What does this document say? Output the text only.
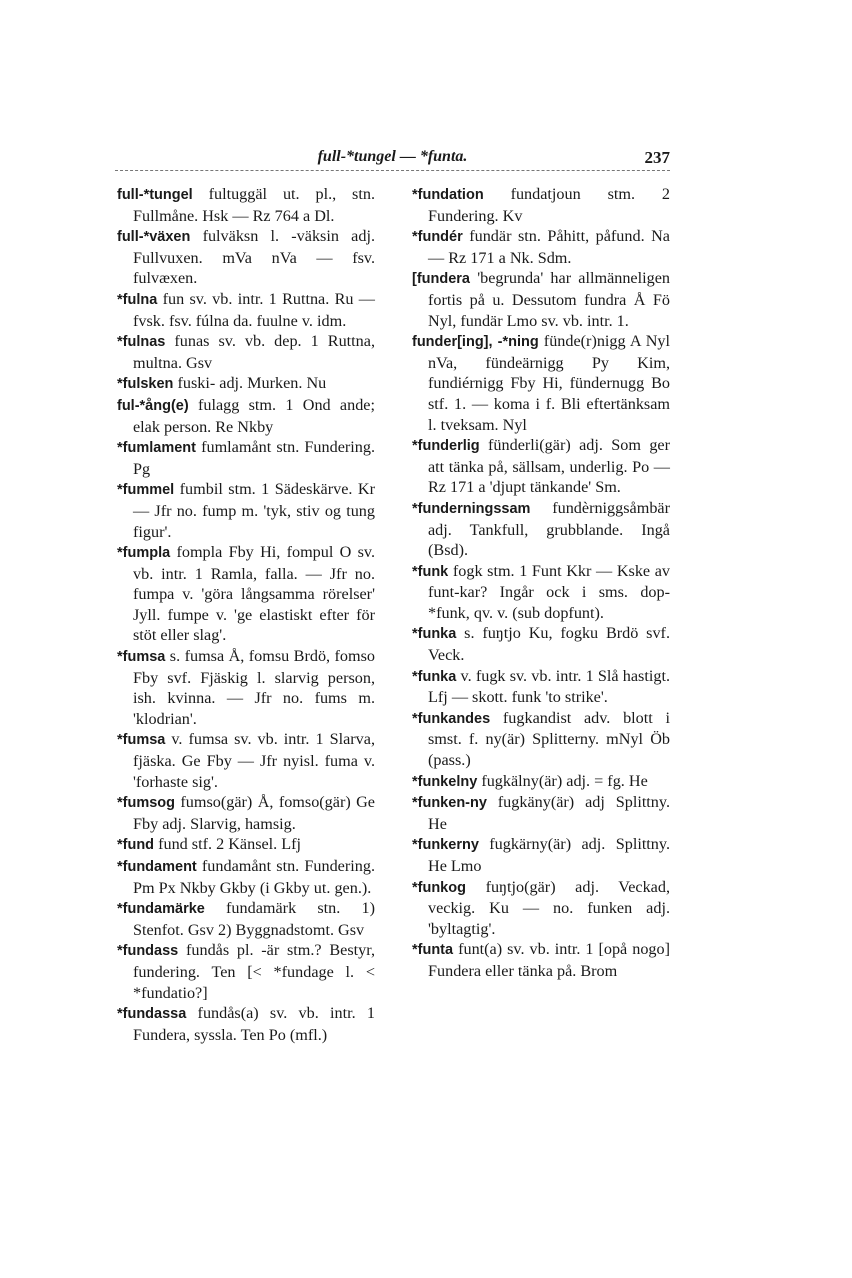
full-*tungel — *funta.	237

full-*tungel fultuggäl ut. pl., stn. Fullmåne. Hsk — Rz 764 a Dl.

full-*växen fulväksn l. -väksin adj. Fullvuxen. mVa nVa — fsv. fulvæxen.

*fulna fun sv. vb. intr. 1 Ruttna. Ru — fvsk. fsv. fúlna da. fuulne v. idm.

*fulnas funas sv. vb. dep. 1 Ruttna, multna. Gsv

*fulsken fuski- adj. Murken. Nu

ful-*ång(e) fulagg stm. 1 Ond ande; elak person. Re Nkby

*fumlament fumlamånt stn. Fundering. Pg

*fummel fumbil stm. 1 Sädeskärve. Kr — Jfr no. fump m. 'tyk, stiv og tung figur'.

*fumpla fompla Fby Hi, fompul O sv. vb. intr. 1 Ramla, falla. — Jfr no. fumpa v. 'göra långsamma rörelser' Jyll. fumpe v. 'ge elastiskt efter för stöt eller slag'.

*fumsa s. fumsa Å, fomsu Brdö, fomso Fby svf. Fjäskig l. slarvig person, ish. kvinna. — Jfr no. fums m. 'klodrian'.

*fumsa v. fumsa sv. vb. intr. 1 Slarva, fjäska. Ge Fby — Jfr nyisl. fuma v. 'forhaste sig'.

*fumsog fumso(gär) Å, fomso(gär) Ge Fby adj. Slarvig, hamsig.

*fund fund stf. 2 Känsel. Lfj

*fundament fundamånt stn. Fundering. Pm Px Nkby Gkby (i Gkby ut. gen.).

*fundamärke fundamärk stn. 1) Stenfot. Gsv 2) Byggnadstomt. Gsv

*fundass fundås pl. -är stm.? Bestyr, fundering. Ten [< *fundage l. < *fundatio?]

*fundassa fundås(a) sv. vb. intr. 1 Fundera, syssla. Ten Po (mfl.)

*fundation fundatjoun stm. 2 Fundering. Kv

*fundér fundär stn. Påhitt, påfund. Na — Rz 171 a Nk. Sdm.

[fundera 'begrunda' har allmänneligen fortis på u. Dessutom fundra Å Fö Nyl, fundär Lmo sv. vb. intr. 1.

funder[ing], -*ning fünde(r)nigg A Nyl nVa, fündeärnigg Py Kim, fundiérnigg Fby Hi, fündernugg Bo stf. 1. — koma i f. Bli eftertänksam l. tveksam. Nyl

*funderlig fünderli(gär) adj. Som ger att tänka på, sällsam, underlig. Po — Rz 171 a 'djupt tänkande' Sm.

*funderningssam fundèrniggsåmbär adj. Tankfull, grubblande. Ingå (Bsd).

*funk fogk stm. 1 Funt Kkr — Kske av funt-kar? Ingår ock i sms. dop-*funk, qv. v. (sub dopfunt).

*funka s. fuŋtjo Ku, fogku Brdö svf. Veck.

*funka v. fugk sv. vb. intr. 1 Slå hastigt. Lfj — skott. funk 'to strike'.

*funkandes fugkandist adv. blott i smst. f. ny(är) Splitterny. mNyl Öb (pass.)

*funkelny fugkälny(är) adj. = fg. He

*funken-ny fugkäny(är) adj Splittny. He

*funkerny fugkärny(är) adj. Splittny. He Lmo

*funkog fuŋtjo(gär) adj. Veckad, veckig. Ku — no. funken adj. 'byltagtig'.

*funta funt(a) sv. vb. intr. 1 [opå nogo] Fundera eller tänka på. Brom
